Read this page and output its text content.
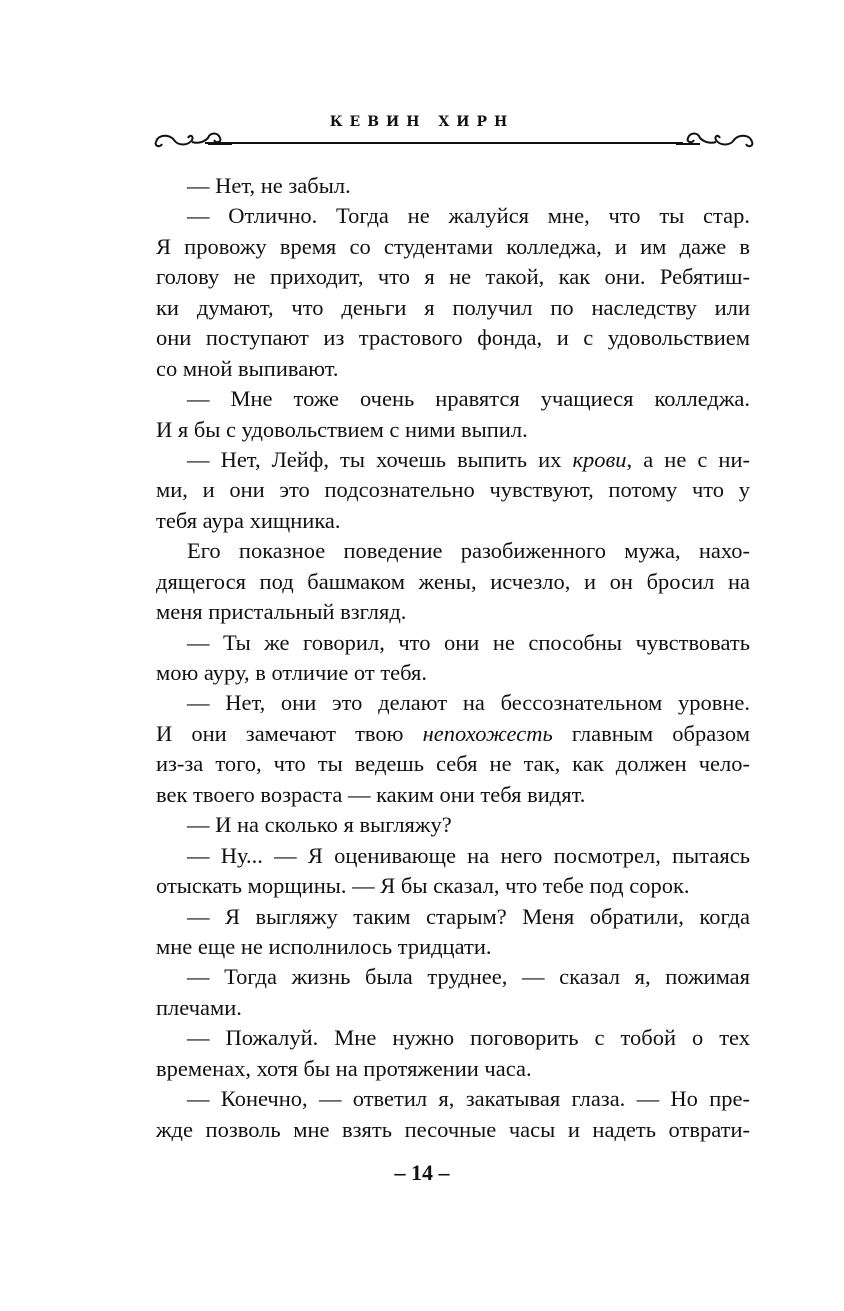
КЕВИН ХИРН
— Нет, не забыл.
— Отлично. Тогда не жалуйся мне, что ты стар.
Я провожу время со студентами колледжа, и им даже в
голову не приходит, что я не такой, как они. Ребятиш-
ки думают, что деньги я получил по наследству или
они поступают из трастового фонда, и с удовольствием
со мной выпивают.
— Мне тоже очень нравятся учащиеся колледжа.
И я бы с удовольствием с ними выпил.
— Нет, Лейф, ты хочешь выпить их крови, а не с ни-
ми, и они это подсознательно чувствуют, потому что у
тебя аура хищника.
Его показное поведение разобиженного мужа, нахо-
дящегося под башмаком жены, исчезло, и он бросил на
меня пристальный взгляд.
— Ты же говорил, что они не способны чувствовать
мою ауру, в отличие от тебя.
— Нет, они это делают на бессознательном уровне.
И они замечают твою непохожесть главным образом
из-за того, что ты ведешь себя не так, как должен чело-
век твоего возраста — каким они тебя видят.
— И на сколько я выгляжу?
— Ну... — Я оценивающе на него посмотрел, пытаясь
отыскать морщины. — Я бы сказал, что тебе под сорок.
— Я выгляжу таким старым? Меня обратили, когда
мне еще не исполнилось тридцати.
— Тогда жизнь была труднее, — сказал я, пожимая
плечами.
— Пожалуй. Мне нужно поговорить с тобой о тех
временах, хотя бы на протяжении часа.
— Конечно, — ответил я, закатывая глаза. — Но пре-
жде позволь мне взять песочные часы и надеть отврати-
– 14 –
